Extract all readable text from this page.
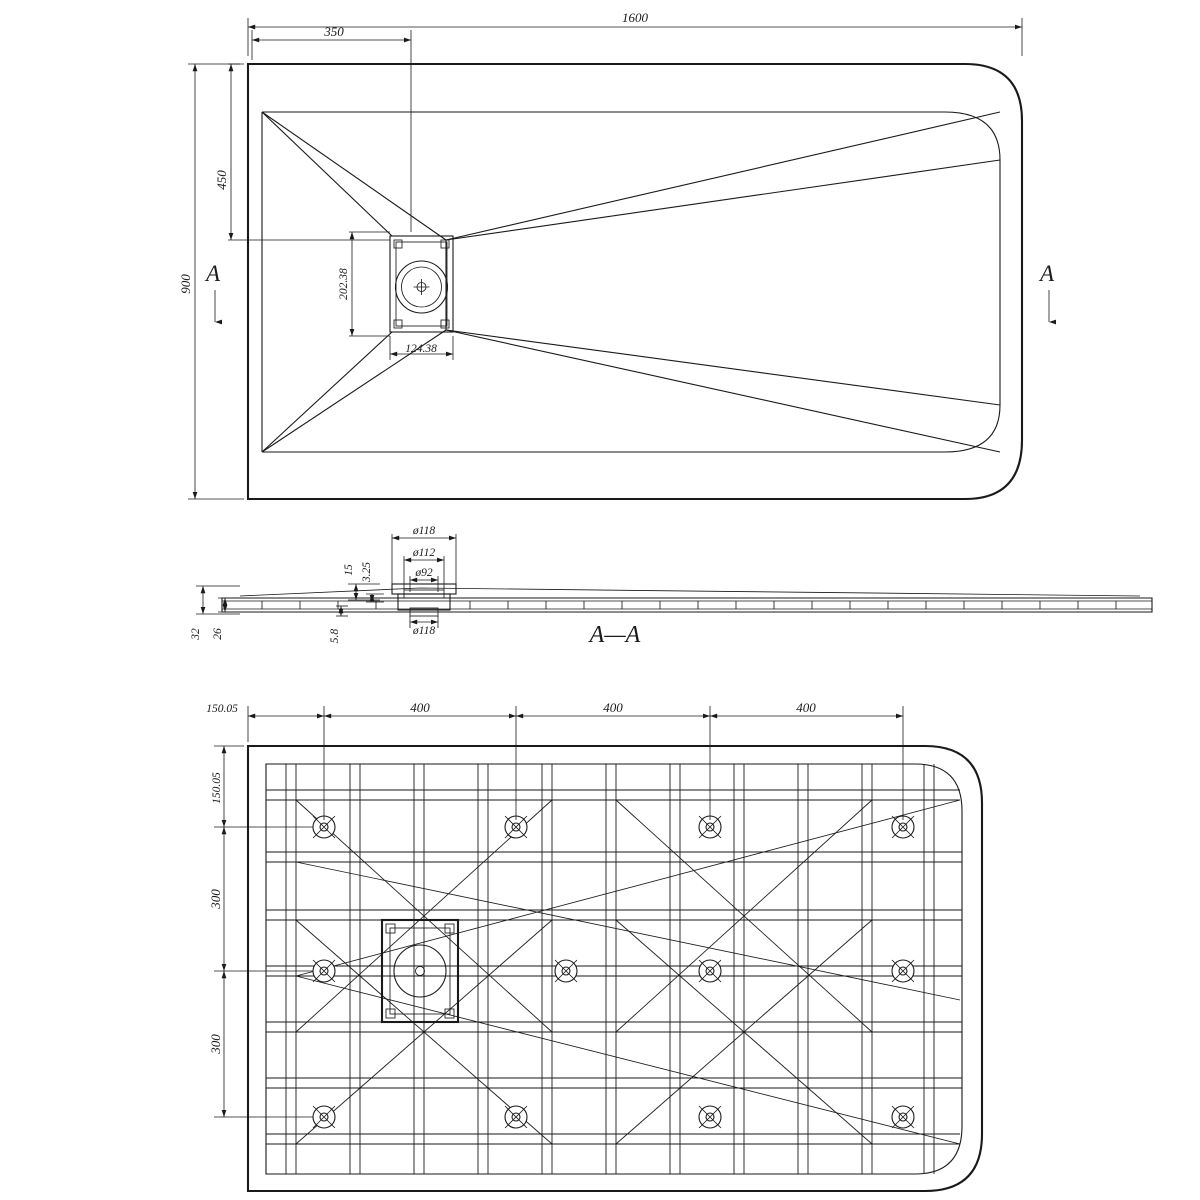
1600
350
450
900	202.38
124.38
A	A
ø118
ø112
ø92
ø118
15 3.25
5.8
32 26	A—A
150.05	400	400	400
150.05
300
300
